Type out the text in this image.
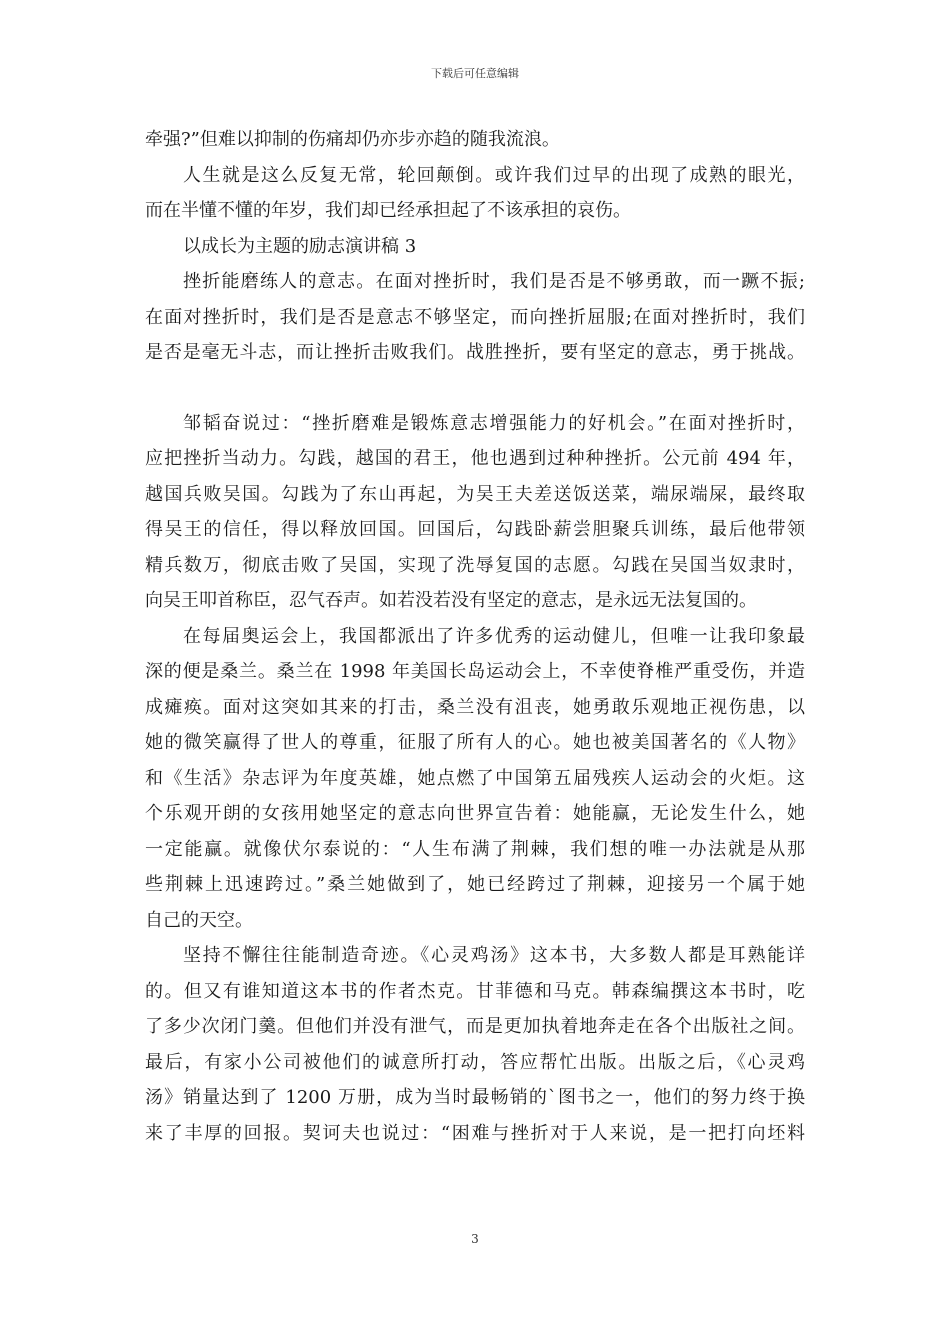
下载后可任意编辑
牵强?”但难以抑制的伤痛却仍亦步亦趋的随我流浪。
人生就是这么反复无常，轮回颠倒。或许我们过早的出现了成熟的眼光，
而在半懂不懂的年岁，我们却已经承担起了不该承担的哀伤。
以成长为主题的励志演讲稿 3
挫折能磨练人的意志。在面对挫折时，我们是否是不够勇敢，而一蹶不振;
在面对挫折时，我们是否是意志不够坚定，而向挫折屈服;在面对挫折时，我们
是否是毫无斗志，而让挫折击败我们。战胜挫折，要有坚定的意志，勇于挑战。
邹韬奋说过：“挫折磨难是锻炼意志增强能力的好机会。”在面对挫折时，
应把挫折当动力。勾践，越国的君王，他也遇到过种种挫折。公元前 494 年，
越国兵败吴国。勾践为了东山再起，为吴王夫差送饭送菜，端尿端屎，最终取
得吴王的信任，得以释放回国。回国后，勾践卧薪尝胆聚兵训练，最后他带领
精兵数万，彻底击败了吴国，实现了洗辱复国的志愿。勾践在吴国当奴隶时，
向吴王叩首称臣，忍气吞声。如若没若没有坚定的意志，是永远无法复国的。
在每届奥运会上，我国都派出了许多优秀的运动健儿，但唯一让我印象最
深的便是桑兰。桑兰在 1998 年美国长岛运动会上，不幸使脊椎严重受伤，并造
成瘫痪。面对这突如其来的打击，桑兰没有沮丧，她勇敢乐观地正视伤患，以
她的微笑赢得了世人的尊重，征服了所有人的心。她也被美国著名的《人物》
和《生活》杂志评为年度英雄，她点燃了中国第五届残疾人运动会的火炬。这
个乐观开朗的女孩用她坚定的意志向世界宣告着：她能赢，无论发生什么，她
一定能赢。就像伏尔泰说的：“人生布满了荆棘，我们想的唯一办法就是从那
些荆棘上迅速跨过。”桑兰她做到了，她已经跨过了荆棘，迎接另一个属于她
自己的天空。
坚持不懈往往能制造奇迹。《心灵鸡汤》这本书，大多数人都是耳熟能详
的。但又有谁知道这本书的作者杰克。甘菲德和马克。韩森编撰这本书时，吃
了多少次闭门羹。但他们并没有泄气，而是更加执着地奔走在各个出版社之间。
最后，有家小公司被他们的诚意所打动，答应帮忙出版。出版之后，《心灵鸡
汤》销量达到了 1200 万册，成为当时最畅销的`图书之一，他们的努力终于换
来了丰厚的回报。契诃夫也说过：“困难与挫折对于人来说，是一把打向坯料
3
